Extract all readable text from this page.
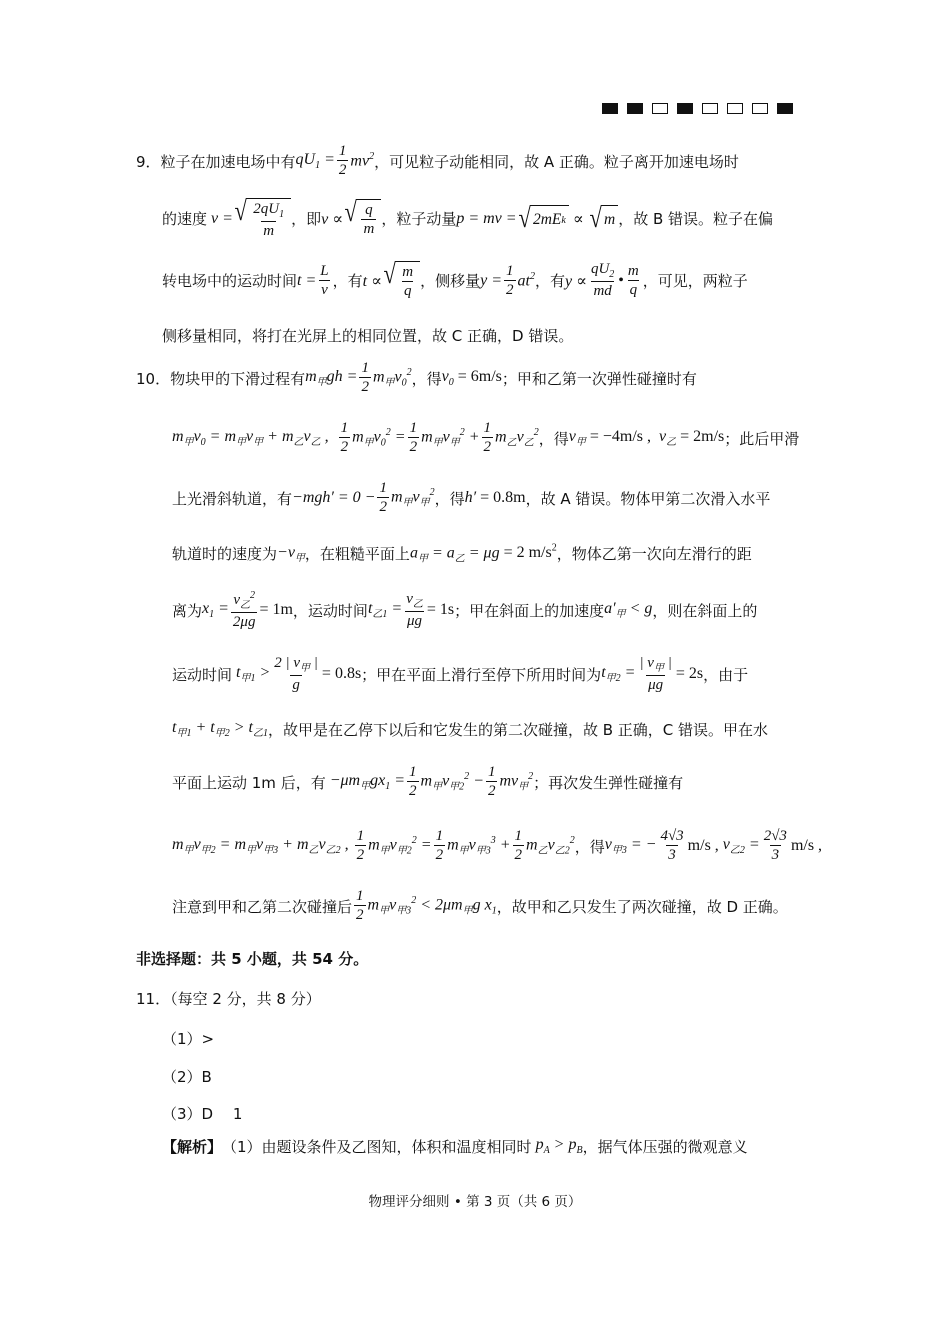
9．粒子在加速电场中有 $qU_1 = \frac{1}{2} mv^2$ ，可见粒子动能相同，故 A 正确。粒子离开加速电场时
的速度 v = √ $\frac{2qU_1}{m}$ ，即 v ∝ √ $\frac{q}{m}$ ，粒子动量 p = mv = √ 2mE k ∝ √ m ，故 B 错误。粒子在偏
转电场中的运动时间 $t = \frac{L}{v}$ ，有 t ∝ √ $\frac{m}{q}$ ，侧移量 $y = \frac{1}{2} at^2$ ，有 $y \propto \frac{qU_2}{md}$ • $\frac{m}{q}$ ，可见，两粒子
侧移量相同，将打在光屏上的相同位置，故 C 正确，D 错误。
10．物块甲的下滑过程有 $m_甲gh = \frac{1}{2} m_甲v_0^2$ ，得 $v_0 = 6m/s$ ；甲和乙第一次弹性碰撞时有
$m_甲v_0 = m_甲v_甲 + m_乙v_乙$ , $\frac{1}{2} m_甲v_0^2 = \frac{1}{2} m_甲v_甲^2 + \frac{1}{2} m_乙v_乙^2$ ，得 $v_甲 = -4m/s$ ,  $v_乙 = 2m/s$ ；此后甲滑
上光滑斜轨道，有 $-mgh' = 0 - \frac{1}{2} m_甲v_甲^2$ ，得 h′ = 0.8m ，故 A 错误。物体甲第二次滑入水平
轨道时的速度为 $-v_甲$ ，在粗糙平面上 $a_甲 = a_乙 = \mu g = 2$ $m/s^2$ ，物体乙第一次向左滑行的距
离为 $x_1 = \frac{v_乙^2}{2\mu g} = 1m$ ，运动时间 $t_{乙1} = \frac{v_乙}{\mu g} = 1s$ ；甲在斜面上的加速度 $a'_甲 < g$ ，则在斜面上的
运动时间 $t_{甲1} > \frac{2 | v_甲 |}{g} = 0.8s$ ；甲在平面上滑行至停下所用时间为 $t_{甲2} = \frac{| v_甲 |}{\mu g} = 2s$ ，由于
$t_{甲1} + t_{甲2} > t_{乙1}$ ，故甲是在乙停下以后和它发生的第二次碰撞，故 B 正确，C 错误。甲在水
平面上运动 1m 后，有 $-\mu m_甲gx_1 = \frac{1}{2} m_甲v_{甲2}^2 - \frac{1}{2} mv_甲^2$ ；再次发生弹性碰撞有
$m_甲v_{甲2} = m_甲v_{甲3} + m_乙v_{乙2}$ , $\frac{1}{2} m_甲v_{甲2}^2 = \frac{1}{2} m_甲v_{甲3}^3 + \frac{1}{2} m_乙v_{乙2}^2$ ，得 $v_{甲3}$ = − $\frac{4√3}{3} m/s$ , $v_{乙2} = \frac{2√3}{3} m/s$ ,
注意到甲和乙第二次碰撞后 $\frac{1}{2} m_甲v_{甲3}^2 < 2\mu m_甲g$ $x_1$ ，故甲和乙只发生了两次碰撞，故 D 正确。
非选择题：共 5 小题，共 54 分。
11．（每空 2 分，共 8 分）
（1）>
（2）B
（3）D　 1
【解析】 （1）由题设条件及乙图知，体积和温度相同时 $p_A > p_B$ ，据气体压强的微观意义
物理评分细则 • 第 3 页（共 6 页）
